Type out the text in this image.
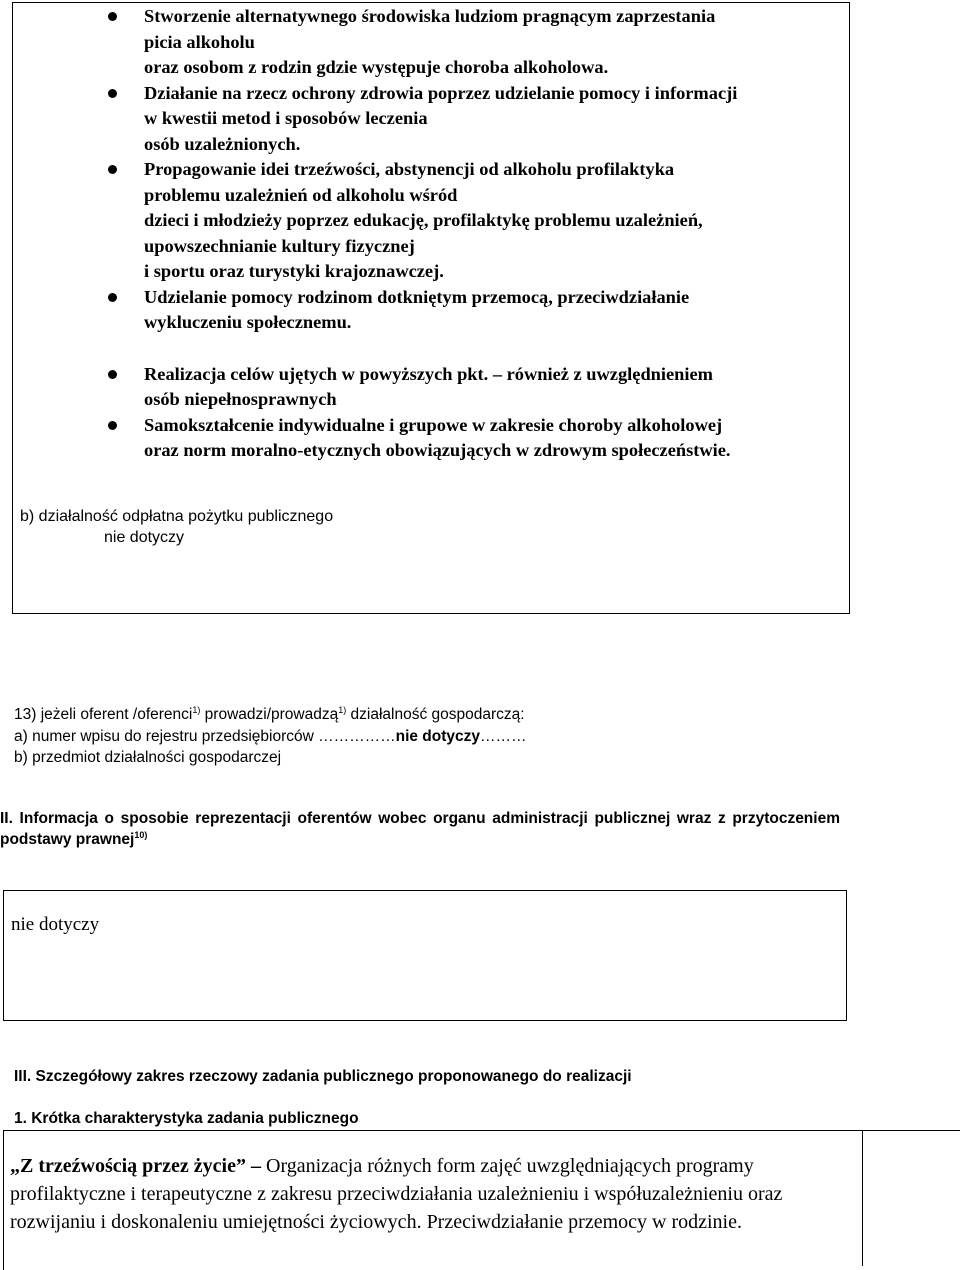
Stworzenie alternatywnego środowiska ludziom pragnącym zaprzestania
picia alkoholu
oraz osobom z rodzin gdzie występuje choroba alkoholowa.
Działanie na rzecz ochrony zdrowia poprzez udzielanie pomocy i informacji
w kwestii metod i sposobów leczenia
osób uzależnionych.
Propagowanie idei trzeźwości, abstynencji od alkoholu profilaktyka
problemu uzależnień od alkoholu wśród
dzieci i młodzieży poprzez edukację, profilaktykę problemu uzależnień,
upowszechnianie kultury fizycznej
i sportu oraz turystyki krajoznawczej.
Udzielanie pomocy rodzinom dotkniętym przemocą, przeciwdziałanie
wykluczeniu społecznemu.
Realizacja celów ujętych w powyższych pkt. – również z uwzględnieniem
osób niepełnosprawnych
Samokształcenie indywidualne i grupowe w zakresie choroby alkoholowej
oraz norm moralno-etycznych obowiązujących w zdrowym społeczeństwie.
b) działalność odpłatna pożytku publicznego
nie dotyczy
13) jeżeli oferent /oferenci$^{1)}$ prowadzi/prowadzą$^{1)}$ działalność gospodarczą:
a) numer wpisu do rejestru przedsiębiorców ……………nie dotyczy………
b) przedmiot działalności gospodarczej
II. Informacja o sposobie reprezentacji oferentów wobec organu administracji publicznej wraz z przytoczeniem podstawy prawnej$^{10)}$
nie dotyczy
III. Szczegółowy zakres rzeczowy zadania publicznego proponowanego do realizacji
1. Krótka charakterystyka zadania publicznego
„Z trzeźwością przez życie” – Organizacja różnych form zajęć uwzględniających programy profilaktyczne i terapeutyczne z zakresu przeciwdziałania uzależnieniu i współuzależnieniu oraz rozwijaniu i doskonaleniu umiejętności życiowych. Przeciwdziałanie przemocy w rodzinie.
